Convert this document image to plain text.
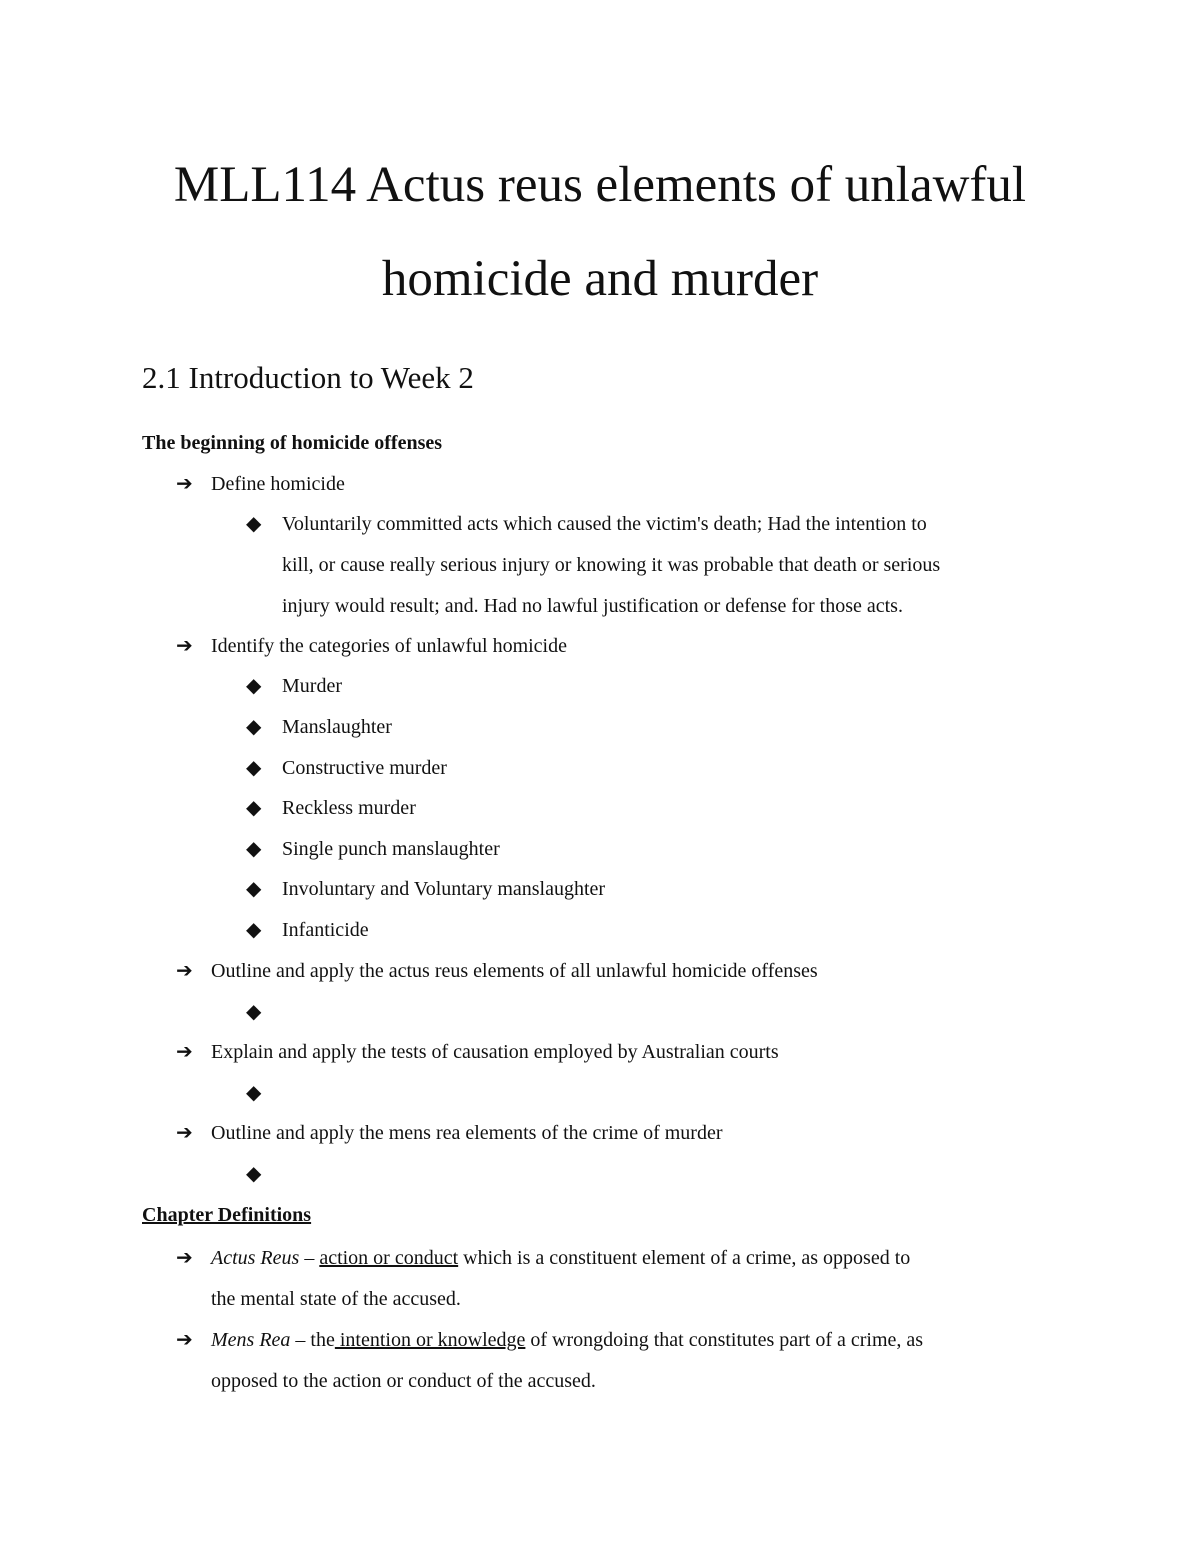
MLL114 Actus reus elements of unlawful
homicide and murder
2.1 Introduction to Week 2
The beginning of homicide offenses
➔ Define homicide
◆ Voluntarily committed acts which caused the victim's death; Had the intention to
kill, or cause really serious injury or knowing it was probable that death or serious
injury would result; and. Had no lawful justification or defense for those acts.
➔ Identify the categories of unlawful homicide
◆ Murder
◆ Manslaughter
◆ Constructive murder
◆ Reckless murder
◆ Single punch manslaughter
◆ Involuntary and Voluntary manslaughter
◆ Infanticide
➔ Outline and apply the actus reus elements of all unlawful homicide offenses
◆
➔ Explain and apply the tests of causation employed by Australian courts
◆
➔ Outline and apply the mens rea elements of the crime of murder
◆
Chapter Definitions
➔ Actus Reus – action or conduct which is a constituent element of a crime, as opposed to
the mental state of the accused.
➔ Mens Rea – the intention or knowledge of wrongdoing that constitutes part of a crime, as
opposed to the action or conduct of the accused.
